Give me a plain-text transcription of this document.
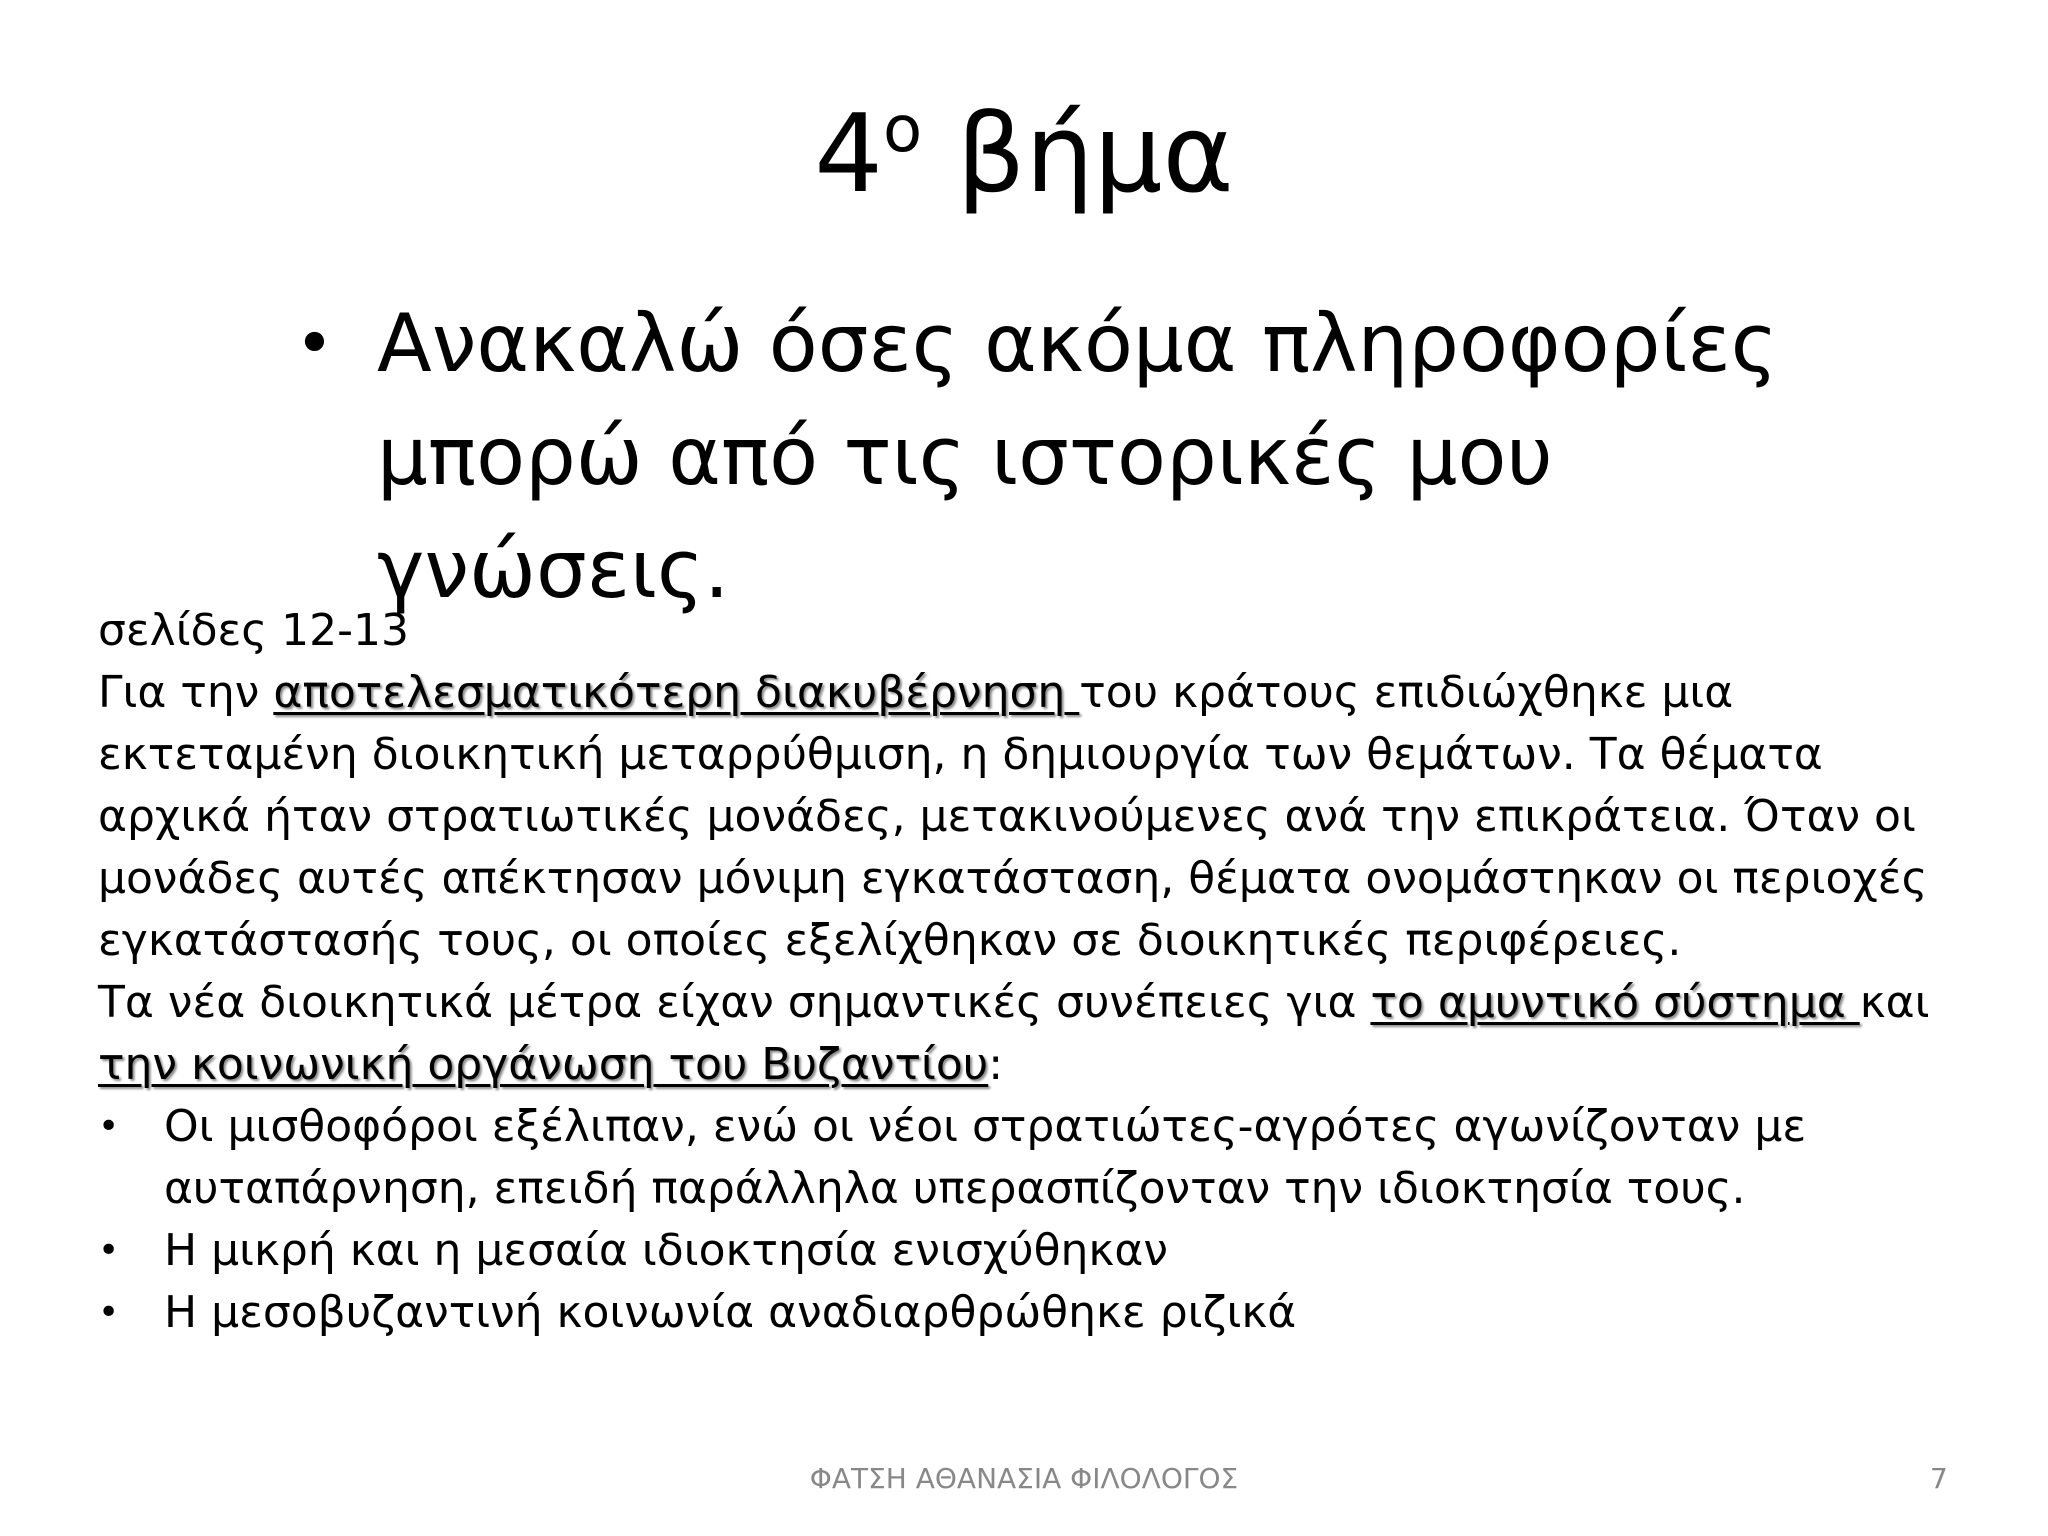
$4^o$ βήμα
• Ανακαλώ όσες ακόμα πληροφορίες
μπορώ από τις ιστορικές μου γνώσεις.

σελίδες 12-13

Για την αποτελεσματικότερη διακυβέρνηση του κράτους επιδιώχθηκε μια εκτεταμένη διοικητική μεταρρύθμιση, η δημιουργία των θεμάτων. Τα θέματα αρχικά ήταν στρατιωτικές μονάδες, μετακινούμενες ανά την επικράτεια. Όταν οι μονάδες αυτές απέκτησαν μόνιμη εγκατάσταση, θέματα ονομάστηκαν οι περιοχές εγκατάστασής τους, οι οποίες εξελίχθηκαν σε διοικητικές περιφέρειες.

Τα νέα διοικητικά μέτρα είχαν σημαντικές συνέπειες για το αμυντικό σύστημα και την κοινωνική οργάνωση του Βυζαντίου:

•	Οι μισθοφόροι εξέλιπαν, ενώ οι νέοι στρατιώτες-αγρότες αγωνίζονταν με αυταπάρνηση, επειδή παράλληλα υπερασπίζονταν την ιδιοκτησία τους.
•	Η μικρή και η μεσαία ιδιοκτησία ενισχύθηκαν
•	Η μεσοβυζαντινή κοινωνία αναδιαρθρώθηκε ριζικά
ΦΑΤΣΗ ΑΘΑΝΑΣΙΑ ΦΙΛΟΛΟΓΟΣ	7
